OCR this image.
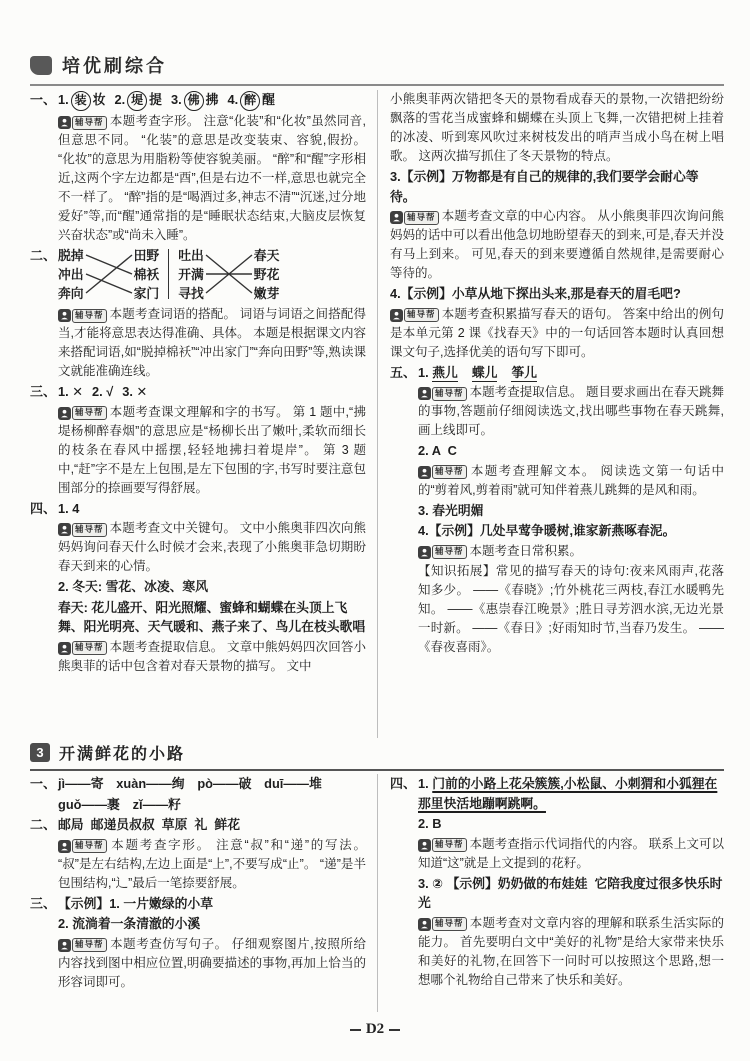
培优刷综合
一、 1. 装 妆 2. 堤 提 3. 佛 拂 4. 醉 醒

辅导帮 本题考查字形。 注意“化装”和“化妆”虽然同音,但意思不同。 “化装”的意思是改变装束、容貌,假扮。 “化妆”的意思为用脂粉等使容貌美丽。 “醉”和“醒”字形相近,这两个字左边都是“酉”,但是右边不一样,意思也就完全不一样了。 “醉”指的是“喝酒过多,神志不清”“沉迷,过分地爱好”等,而“醒”通常指的是“睡眠状态结束,大脑皮层恢复兴奋状态”或“尚未入睡”。

二、 脱掉
冲出
奔向
田野
棉袄
家门
吐出
开满
寻找
春天
野花
嫩芽

辅导帮 本题考查词语的搭配。 词语与词语之间搭配得当,才能将意思表达得准确、具体。 本题是根据课文内容来搭配词语,如“脱掉棉袄”“冲出家门”“奔向田野”等,熟读课文就能准确连线。

三、 1. ✕ 2. √ 3. ✕

辅导帮 本题考查课文理解和字的书写。 第 1 题中,“拂堤杨柳醉春烟”的意思应是“杨柳长出了嫩叶,柔软而细长的枝条在春风中摇摆,轻轻地拂扫着堤岸”。 第 3 题中,“赶”字不是左上包围,是左下包围的字,书写时要注意包围部分的捺画要写得舒展。

四、 1. 4

辅导帮 本题考查文中关键句。 文中小熊奥菲四次向熊妈妈询问春天什么时候才会来,表现了小熊奥菲急切期盼春天到来的心情。

2. 冬天: 雪花、冰凌、寒风

春天: 花儿盛开、阳光照耀、蜜蜂和蝴蝶在头顶上飞舞、阳光明亮、天气暖和、燕子来了、鸟儿在枝头歌唱

辅导帮 本题考查提取信息。 文章中熊妈妈四次回答小熊奥菲的话中包含着对春天景物的描写。 文中

小熊奥菲两次错把冬天的景物看成春天的景物,一次错把纷纷飘落的雪花当成蜜蜂和蝴蝶在头顶上飞舞,一次错把树上挂着的冰凌、听到寒风吹过来树枝发出的哨声当成小鸟在树上唱歌。 这两次描写抓住了冬天景物的特点。

3.【示例】万物都是有自己的规律的,我们要学会耐心等待。

辅导帮 本题考查文章的中心内容。 从小熊奥菲四次询问熊妈妈的话中可以看出他急切地盼望春天的到来,可是,春天并没有马上到来。 可见,春天的到来要遵循自然规律,是需要耐心等待的。

4.【示例】小草从地下探出头来,那是春天的眉毛吧?

辅导帮 本题考查积累描写春天的语句。 答案中给出的例句是本单元第 2 课《找春天》中的一句话回答本题时认真回想课文句子,选择优美的语句写下即可。

五、 1. 燕儿 蝶儿 筝儿

辅导帮 本题考查提取信息。 题目要求画出在春天跳舞的事物,答题前仔细阅读选文,找出哪些事物在春天跳舞,画上线即可。

2. A  C

辅导帮 本题考查理解文本。 阅读选文第一句话中的“剪着风,剪着雨”就可知伴着燕儿跳舞的是风和雨。

3. 春光明媚

4.【示例】几处早莺争暖树,谁家新燕啄春泥。

辅导帮 本题考查日常积累。

【知识拓展】常见的描写春天的诗句:夜来风雨声,花落知多少。 ——《春晓》;竹外桃花三两枝,春江水暖鸭先知。 ——《惠崇春江晚景》;胜日寻芳泗水滨,无边光景一时新。 ——《春日》;好雨知时节,当春乃发生。 ——《春夜喜雨》。

3 开满鲜花的小路
一、 jì——寄　xuàn——绚　pò——破　duī——堆

guǒ——裹　zǐ——籽

二、 邮局  邮递员叔叔  草原  礼  鲜花

辅导帮 本题考查字形。 注意“叔”和“递”的写法。 “叔”是左右结构,左边上面是“上”,不要写成“止”。 “递”是半包围结构,“辶”最后一笔捺要舒展。

三、 【示例】1. 一片嫩绿的小草

2. 流淌着一条清澈的小溪

辅导帮 本题考查仿写句子。 仔细观察图片,按照所给内容找到图中相应位置,明确要描述的事物,再加上恰当的形容词即可。

四、 1. 门前的小路上花朵簇簇,小松鼠、小刺猬和小狐狸在那里快活地蹦啊跳啊。

2. B

辅导帮 本题考查指示代词指代的内容。 联系上文可以知道“这”就是上文提到的花籽。

3. ② 【示例】奶奶做的布娃娃  它陪我度过很多快乐时光

辅导帮 本题考查对文章内容的理解和联系生活实际的能力。 首先要明白文中“美好的礼物”是给大家带来快乐和美好的礼物,在回答下一问时可以按照这个思路,想一想哪个礼物给自己带来了快乐和美好。

D2
